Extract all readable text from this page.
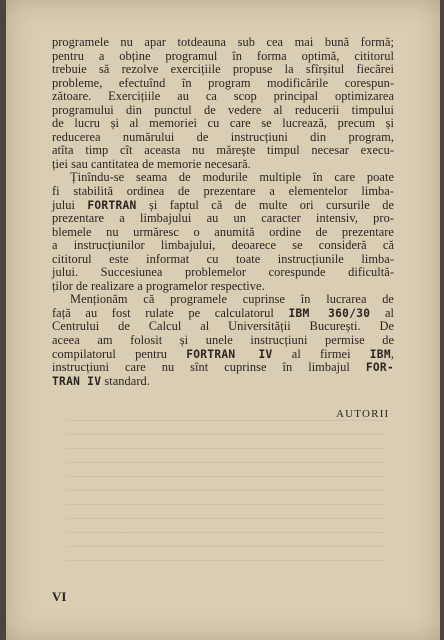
programele nu apar totdeauna sub cea mai bună formă;
pentru a obține programul în forma optimă, cititorul
trebuie să rezolve exercițiile propuse la sfîrșitul fiecărei
probleme, efectuînd în program modificările corespun-
zătoare. Exercițiile au ca scop principal optimizarea
programului din punctul de vedere al reducerii timpului
de lucru și al memoriei cu care se lucrează, precum și
reducerea numărului de instrucțiuni din program,
atîta timp cît aceasta nu mărește timpul necesar execu-
ției sau cantitatea de memorie necesară.

Ținîndu-se seama de modurile multiple în care poate
fi stabilită ordinea de prezentare a elementelor limba-
jului FORTRAN și faptul că de multe ori cursurile de
prezentare a limbajului au un caracter intensiv, pro-
blemele nu urmăresc o anumită ordine de prezentare
a instrucțiunilor limbajului, deoarece se consideră că
cititorul este informat cu toate instrucțiunile limba-
jului. Succesiunea problemelor corespunde dificultă-
ților de realizare a programelor respective.

Menționăm că programele cuprinse în lucrarea de
față au fost rulate pe calculatorul IBM 360/30 al
Centrului de Calcul al Universității București. De
aceea am folosit și unele instrucțiuni permise de
compilatorul pentru FORTRAN IV al firmei IBM,
instrucțiuni care nu sînt cuprinse în limbajul FOR-
TRAN IV standard.

AUTORII
VI
